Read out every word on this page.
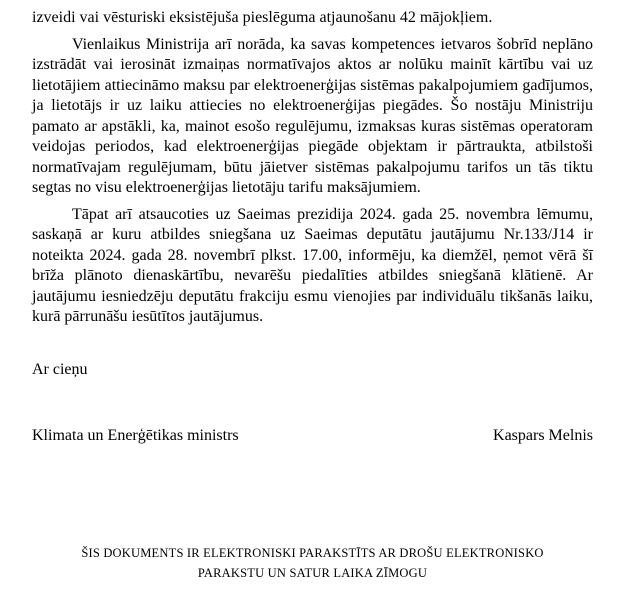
izveidi vai vēsturiski eksistējuša pieslēguma atjaunošanu 42 mājokļiem.

Vienlaikus Ministrija arī norāda, ka savas kompetences ietvaros šobrīd neplāno izstrādāt vai ierosināt izmaiņas normatīvajos aktos ar nolūku mainīt kārtību vai uz lietotājiem attiecināmo maksu par elektroenerģijas sistēmas pakalpojumiem gadījumos, ja lietotājs ir uz laiku attiecies no elektroenerģijas piegādes. Šo nostāju Ministriju pamato ar apstākli, ka, mainot esošo regulējumu, izmaksas kuras sistēmas operatoram veidojas periodos, kad elektroenerģijas piegāde objektam ir pārtraukta, atbilstoši normatīvajam regulējumam, būtu jāietver sistēmas pakalpojumu tarifos un tās tiktu segtas no visu elektroenerģijas lietotāju tarifu maksājumiem.

Tāpat arī atsaucoties uz Saeimas prezidija 2024. gada 25. novembra lēmumu, saskaņā ar kuru atbildes sniegšana uz Saeimas deputātu jautājumu Nr.133/J14 ir noteikta 2024. gada 28. novembrī plkst. 17.00, informēju, ka diemžēl, ņemot vērā šī brīža plānoto dienaskārtību, nevarēšu piedalīties atbildes sniegšanā klātienē. Ar jautājumu iesniedzēju deputātu frakciju esmu vienojies par individuālu tikšanās laiku, kurā pārrunāšu iesūtītos jautājumus.

Ar cieņu

Klimata un Enerģētikas ministrs	Kaspars Melnis
ŠIS DOKUMENTS IR ELEKTRONISKI PARAKSTĪTS AR DROŠU ELEKTRONISKO
PARAKSTU UN SATUR LAIKA ZĪMOGU
